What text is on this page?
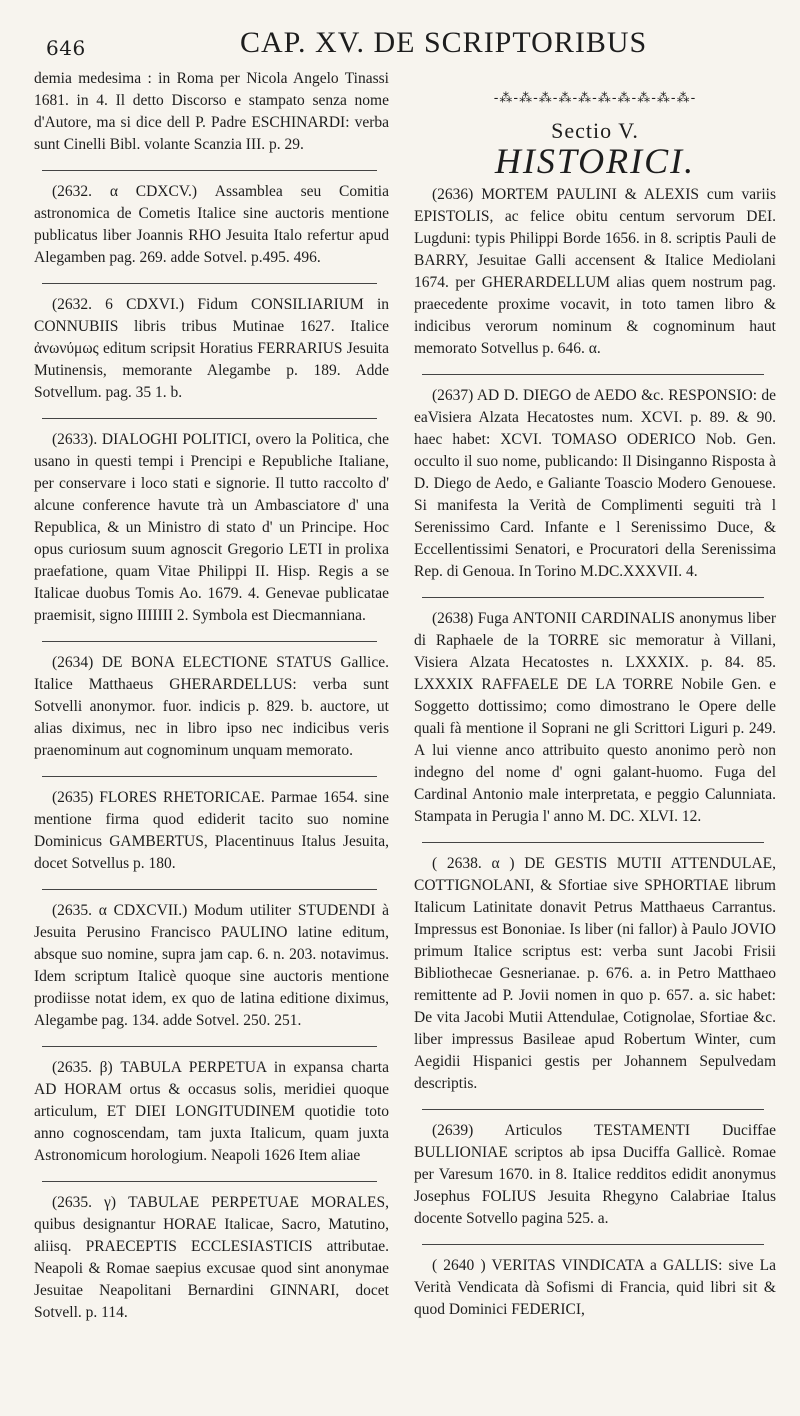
646	CAP. XV. DE SCRIPTORIBUS

demia medesima : in Roma per Nicola Angelo Tinassi 1681. in 4. Il detto Discorso e stampato senza nome d'Autore, ma si dice dell P. Padre ESCHINARDI: verba sunt Cinelli Bibl. volante Scanzia III. p. 29.

(2632. α CDXCV.) Assamblea seu Comitia astronomica de Cometis Italice sine auctoris mentione publicatus liber Joannis RHO Jesuita Italo refertur apud Alegamben pag. 269. adde Sotvel. p.495. 496.

(2632. 6 CDXVI.) Fidum CONSILIARIUM in CONNUBIIS libris tribus Mutinae 1627. Italice ἀνωνύμως editum scripsit Horatius FERRARIUS Jesuita Mutinensis, memorante Alegambe p. 189. Adde Sotvellum. pag. 35 1. b.

(2633). DIALOGHI POLITICI, overo la Politica, che usano in questi tempi i Prencipi e Republiche Italiane, per conservare i loco stati e signorie. Il tutto raccolto d' alcune conference havute trà un Ambasciatore d' una Republica, & un Ministro di stato d' un Principe. Hoc opus curiosum suum agnoscit Gregorio LETI in prolixa praefatione, quam Vitae Philippi II. Hisp. Regis a se Italicae duobus Tomis Ao. 1679. 4. Genevae publicatae praemisit, signo IIIIIII 2. Symbola est Diecmanniana.

(2634) DE BONA ELECTIONE STATUS Gallice. Italice Matthaeus GHERARDELLUS: verba sunt Sotvelli anonymor. fuor. indicis p. 829. b. auctore, ut alias diximus, nec in libro ipso nec indicibus veris praenominum aut cognominum unquam memorato.

(2635) FLORES RHETORICAE. Parmae 1654. sine mentione firma quod ediderit tacito suo nomine Dominicus GAMBERTUS, Placentinuus Italus Jesuita, docet Sotvellus p. 180.

(2635. α CDXCVII.) Modum utiliter STUDENDI à Jesuita Perusino Francisco PAULINO latine editum, absque suo nomine, supra jam cap. 6. n. 203. notavimus. Idem scriptum Italicè quoque sine auctoris mentione prodiisse notat idem, ex quo de latina editione diximus, Alegambe pag. 134. adde Sotvel. 250. 251.

(2635. β) TABULA PERPETUA in expansa charta AD HORAM ortus & occasus solis, meridiei quoque articulum, ET DIEI LONGITUDINEM quotidie toto anno cognoscendam, tam juxta Italicum, quam juxta Astronomicum horologium. Neapoli 1626 Item aliae

(2635. γ) TABULAE PERPETUAE MORALES, quibus designantur HORAE Italicae, Sacro, Matutino, aliisq. PRAECEPTIS ECCLESIASTICIS attributae. Neapoli & Romae saepius excusae quod sint anonymae Jesuitae Neapolitani Bernardini GINNARI, docet Sotvell. p. 114.

-⁂-⁂-⁂-⁂-⁂-⁂-⁂-⁂-⁂-⁂-
Sectio V.
HISTORICI.

(2636) MORTEM PAULINI & ALEXIS cum variis EPISTOLIS, ac felice obitu centum servorum DEI. Lugduni: typis Philippi Borde 1656. in 8. scriptis Pauli de BARRY, Jesuitae Galli accensent & Italice Mediolani 1674. per GHERARDELLUM alias quem nostrum pag. praecedente proxime vocavit, in toto tamen libro & indicibus verorum nominum & cognominum haut memorato Sotvellus p. 646. α.

(2637) AD D. DIEGO de AEDO &c. RESPONSIO: de eaVisiera Alzata Hecatostes num. XCVI. p. 89. & 90. haec habet: XCVI. TOMASO ODERICO Nob. Gen. occulto il suo nome, publicando: Il Disinganno Risposta à D. Diego de Aedo, e Galiante Toascio Modero Genouese. Si manifesta la Verità de Complimenti seguiti trà l Serenissimo Card. Infante e l Serenissimo Duce, & Eccellentissimi Senatori, e Procuratori della Serenissima Rep. di Genoua. In Torino M.DC.XXXVII. 4.

(2638) Fuga ANTONII CARDINALIS anonymus liber di Raphaele de la TORRE sic memoratur à Villani, Visiera Alzata Hecatostes n. LXXXIX. p. 84. 85. LXXXIX RAFFAELE DE LA TORRE Nobile Gen. e Soggetto dottissimo; como dimostrano le Opere delle quali fà mentione il Soprani ne gli Scrittori Liguri p. 249. A lui vienne anco attribuito questo anonimo però non indegno del nome d' ogni galant-huomo. Fuga del Cardinal Antonio male interpretata, e peggio Calunniata. Stampata in Perugia l' anno M. DC. XLVI. 12.

( 2638. α ) DE GESTIS MUTII ATTENDULAE, COTTIGNOLANI, & Sfortiae sive SPHORTIAE librum Italicum Latinitate donavit Petrus Matthaeus Carrantus. Impressus est Bononiae. Is liber (ni fallor) à Paulo JOVIO primum Italice scriptus est: verba sunt Jacobi Frisii Bibliothecae Gesnerianae. p. 676. a. in Petro Matthaeo remittente ad P. Jovii nomen in quo p. 657. a. sic habet: De vita Jacobi Mutii Attendulae, Cotignolae, Sfortiae &c. liber impressus Basileae apud Robertum Winter, cum Aegidii Hispanici gestis per Johannem Sepulvedam descriptis.

(2639) Articulos TESTAMENTI Duciffae BULLIONIAE scriptos ab ipsa Duciffa Gallicè. Romae per Varesum 1670. in 8. Italice redditos edidit anonymus Josephus FOLIUS Jesuita Rhegyno Calabriae Italus docente Sotvello pagina 525. a.

( 2640 ) VERITAS VINDICATA a GALLIS: sive La Verità Vendicata dà Sofismi di Francia, quid libri sit & quod Dominici FEDERICI,
